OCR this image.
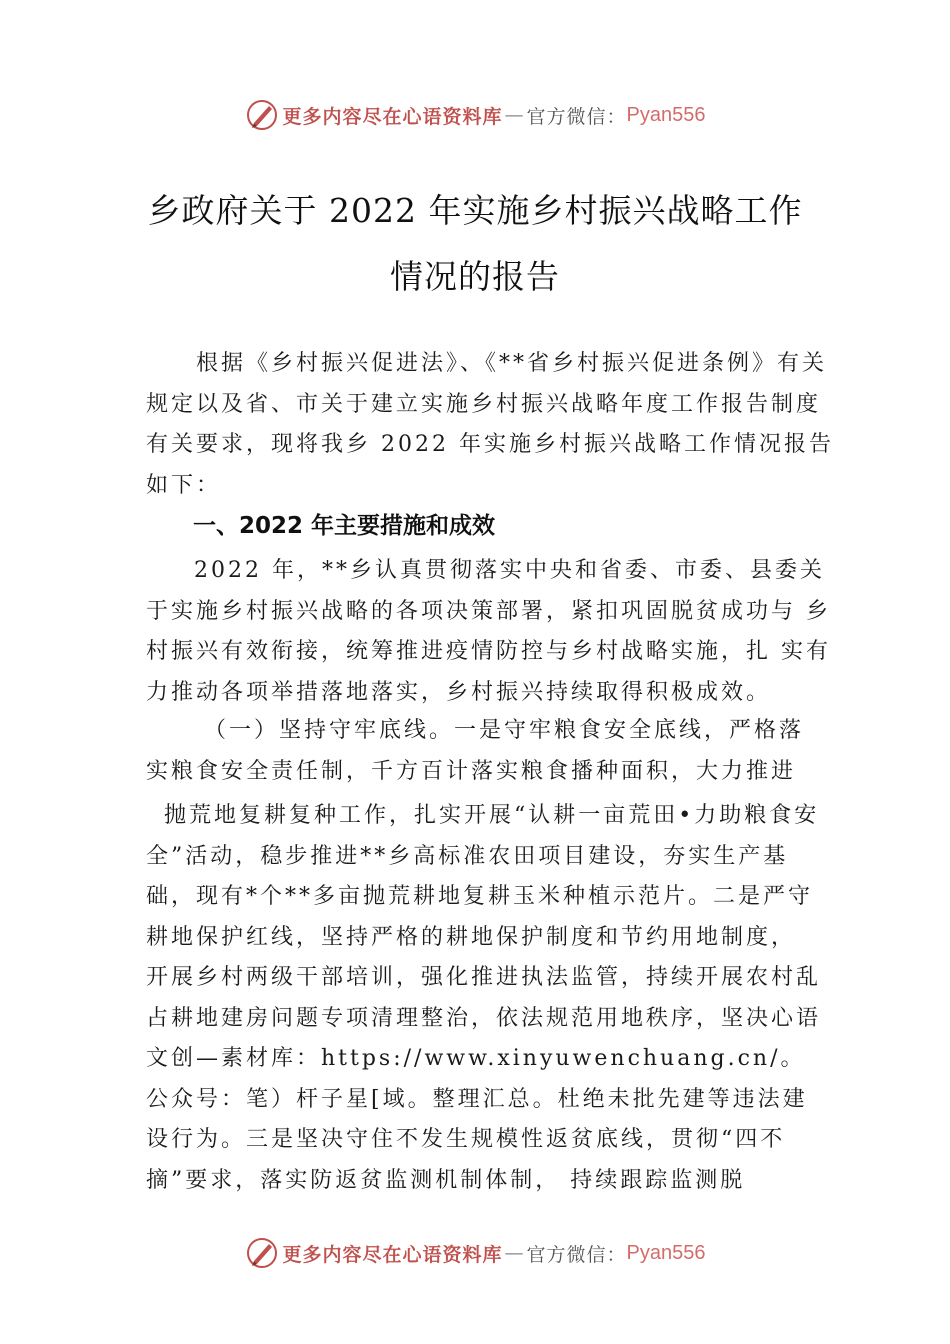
更多内容尽在心语资料库 — 官方微信： Pyan556
乡政府关于 2022 年实施乡村振兴战略工作
情况的报告

根据《乡村振兴促进法》、《**省乡村振兴促进条例》有关规定以及省、市关于建立实施乡村振兴战略年度工作报告制度有关要求，现将我乡 2022 年实施乡村振兴战略工作情况报告如下：

一、2022 年主要措施和成效

2022 年，**乡认真贯彻落实中央和省委、市委、县委关于实施乡村振兴战略的各项决策部署，紧扣巩固脱贫成功与 乡村振兴有效衔接，统筹推进疫情防控与乡村战略实施，扎 实有力推动各项举措落地落实，乡村振兴持续取得积极成效。

（一）坚持守牢底线。一是守牢粮食安全底线，严格落实粮食安全责任制，千方百计落实粮食播种面积，大力推进

抛荒地复耕复种工作，扎实开展“认耕一亩荒田•力助粮食安全”活动，稳步推进**乡高标准农田项目建设，夯实生产基础，现有*个**多亩抛荒耕地复耕玉米种植示范片。二是严守耕地保护红线，坚持严格的耕地保护制度和节约用地制度， 开展乡村两级干部培训，强化推进执法监管，持续开展农村乱占耕地建房问题专项清理整治，依法规范用地秩序，坚决心语文创—素材库：https://www.xinyuwenchuang.cn/。公众号：笔）杆子星[域。整理汇总。杜绝未批先建等违法建设行为。三是坚决守住不发生规模性返贫底线，贯彻“四不摘”要求，落实防返贫监测机制体制， 持续跟踪监测脱

更多内容尽在心语资料库 — 官方微信： Pyan556
